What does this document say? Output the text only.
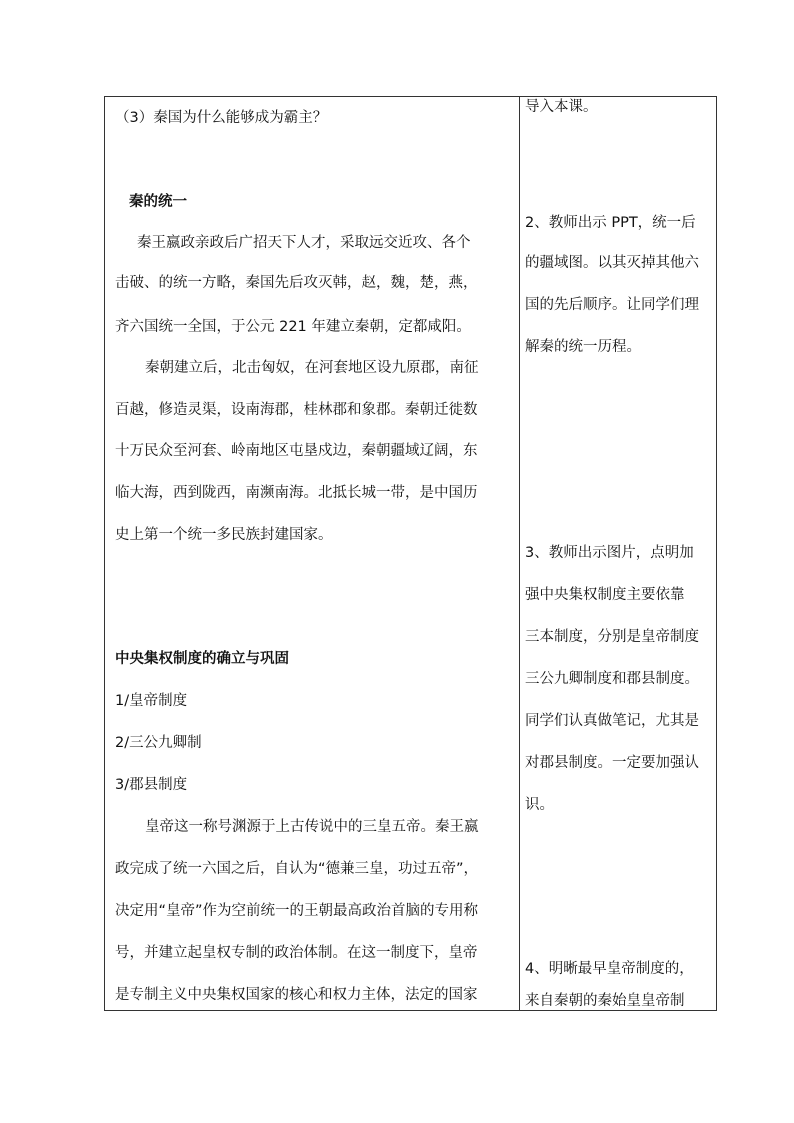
（3）秦国为什么能够成为霸主？
秦的统一
秦王嬴政亲政后广招天下人才，采取远交近攻、各个
击破、的统一方略，秦国先后攻灭韩，赵，魏，楚，燕，
齐六国统一全国，于公元 221 年建立秦朝，定都咸阳。
秦朝建立后，北击匈奴，在河套地区设九原郡，南征
百越，修造灵渠，设南海郡，桂林郡和象郡。秦朝迁徙数
十万民众至河套、岭南地区屯垦戍边，秦朝疆域辽阔，东
临大海，西到陇西，南濒南海。北抵长城一带，是中国历
史上第一个统一多民族封建国家。
中央集权制度的确立与巩固
1/皇帝制度
2/三公九卿制
3/郡县制度
皇帝这一称号渊源于上古传说中的三皇五帝。秦王嬴
政完成了统一六国之后，自认为“德兼三皇，功过五帝”，
决定用“皇帝”作为空前统一的王朝最高政治首脑的专用称
号，并建立起皇权专制的政治体制。在这一制度下，皇帝
是专制主义中央集权国家的核心和权力主体，法定的国家
导入本课。
2、教师出示 PPT，统一后
的疆域图。以其灭掉其他六
国的先后顺序。让同学们理
解秦的统一历程。
3、教师出示图片，点明加
强中央集权制度主要依靠
三本制度，分别是皇帝制度
三公九卿制度和郡县制度。
同学们认真做笔记，尤其是
对郡县制度。一定要加强认
识。
4、明晰最早皇帝制度的，
来自秦朝的秦始皇皇帝制
